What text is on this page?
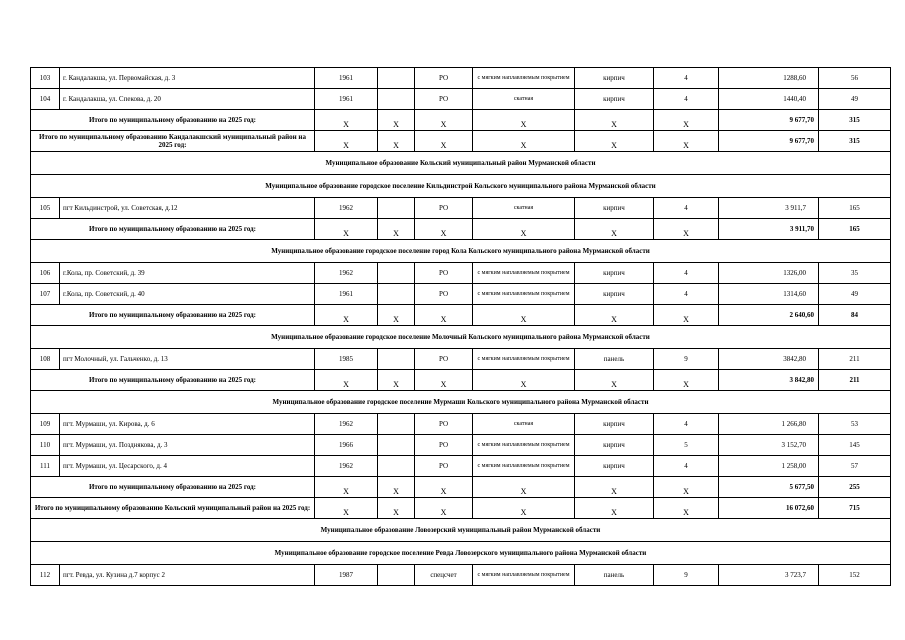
103	г. Кандалакша, ул. Первомайская, д. 3	1961		РО	с мягким наплавляемым покрытием	кирпич	4	1288,60	56
104	г. Кандалакша, ул. Спекова, д. 20	1961		РО	скатная	кирпич	4	1440,40	49
Итого по муниципальному образованию на 2025 год:		Х	Х	Х	Х	Х	Х	9 677,70	315
Итого по муниципальному образованию Кандалакшский муниципальный район на 2025 год:		Х	Х	Х	Х	Х	Х	9 677,70	315
Муниципальное образование Кольский муниципальный район Мурманской области									
Муниципальное образование городское поселение Кильдинстрой Кольского муниципального района Мурманской области									
105	пгт Кильдинстрой, ул. Советская, д.12	1962		РО	скатная	кирпич	4	3 911,7	165
Итого по муниципальному образованию на 2025 год:		Х	Х	Х	Х	Х	Х	3 911,70	165
Муниципальное образование городское поселение город Кола Кольского муниципального района Мурманской области									
106	г.Кола, пр. Советский, д. 39	1962		РО	с мягким наплавляемым покрытием	кирпич	4	1326,00	35
107	г.Кола, пр. Советский, д. 40	1961		РО	с мягким наплавляемым покрытием	кирпич	4	1314,60	49
Итого по муниципальному образованию на 2025 год:		Х	Х	Х	Х	Х	Х	2 640,60	84
Муниципальное образование городское поселение Молочный Кольского муниципального района Мурманской области									
108	пгт Молочный, ул. Гальченко, д. 13	1985		РО	с мягким наплавляемым покрытием	панель	9	3842,80	211
Итого по муниципальному образованию на 2025 год:		Х	Х	Х	Х	Х	Х	3 842,80	211
Муниципальное образование городское поселение Мурмаши Кольского муниципального района Мурманской области									
109	пгт. Мурмаши, ул. Кирова, д. 6	1962		РО	скатная	кирпич	4	1 266,80	53
110	пгт. Мурмаши, ул. Позднякова, д. 3	1966		РО	с мягким наплавляемым покрытием	кирпич	5	3 152,70	145
111	пгт. Мурмаши, ул. Цесарского, д. 4	1962		РО	с мягким наплавляемым покрытием	кирпич	4	1 258,00	57
Итого по муниципальному образованию на 2025 год:		Х	Х	Х	Х	Х	Х	5 677,50	255
Итого по муниципальному образованию Кольский муниципальный район на 2025 год:		Х	Х	Х	Х	Х	Х	16 072,60	715
Муниципальное образование Ловозерский муниципальный район Мурманской области									
Муниципальное образование городское поселение Ревда Ловозерского муниципального района Мурманской области									
112	пгт. Ревда, ул. Кузина д.7 корпус 2	1987		спецсчет	с мягким наплавляемым покрытием	панель	9	3 723,7	152
